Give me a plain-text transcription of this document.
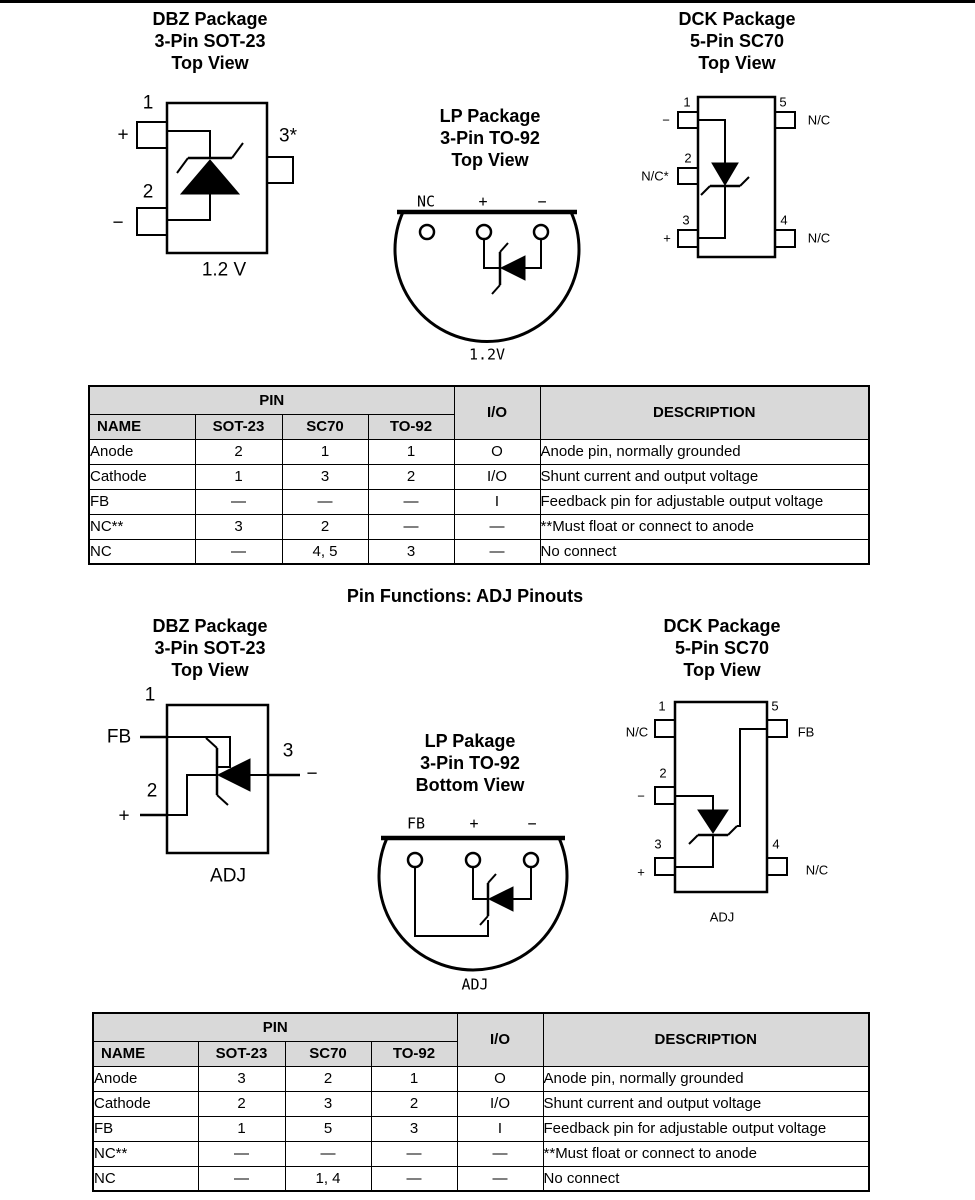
DBZ Package
3-Pin SOT-23
Top View
1
+
2
−
3*
1.2 V
LP Package
3-Pin TO-92
Top View
NC	+	−
1.2V
DCK Package
5-Pin SC70
Top View
1	5
2
3	4
−
N/C*
+
N/C
N/C
PIN				I/O	DESCRIPTION
NAME	SOT-23	SC70	TO-92		
Anode	2	1	1	O	Anode pin, normally grounded
Cathode	1	3	2	I/O	Shunt current and output voltage
FB	—	—	—	I	Feedback pin for adjustable output voltage
NC**	3	2	—	—	**Must float or connect to anode
NC	—	4, 5	3	—	No connect
Pin Functions: ADJ Pinouts
DBZ Package
3-Pin SOT-23
Top View
1
FB
2
+
3
−
ADJ
LP Pakage
3-Pin TO-92
Bottom View
FB	+	−
ADJ
DCK Package
5-Pin SC70
Top View
1	5
2
3	4
N/C
−
+
FB
N/C
ADJ
PIN				I/O	DESCRIPTION
NAME	SOT-23	SC70	TO-92		
Anode	3	2	1	O	Anode pin, normally grounded
Cathode	2	3	2	I/O	Shunt current and output voltage
FB	1	5	3	I	Feedback pin for adjustable output voltage
NC**	—	—	—	—	**Must float or connect to anode
NC	—	1, 4	—	—	No connect
